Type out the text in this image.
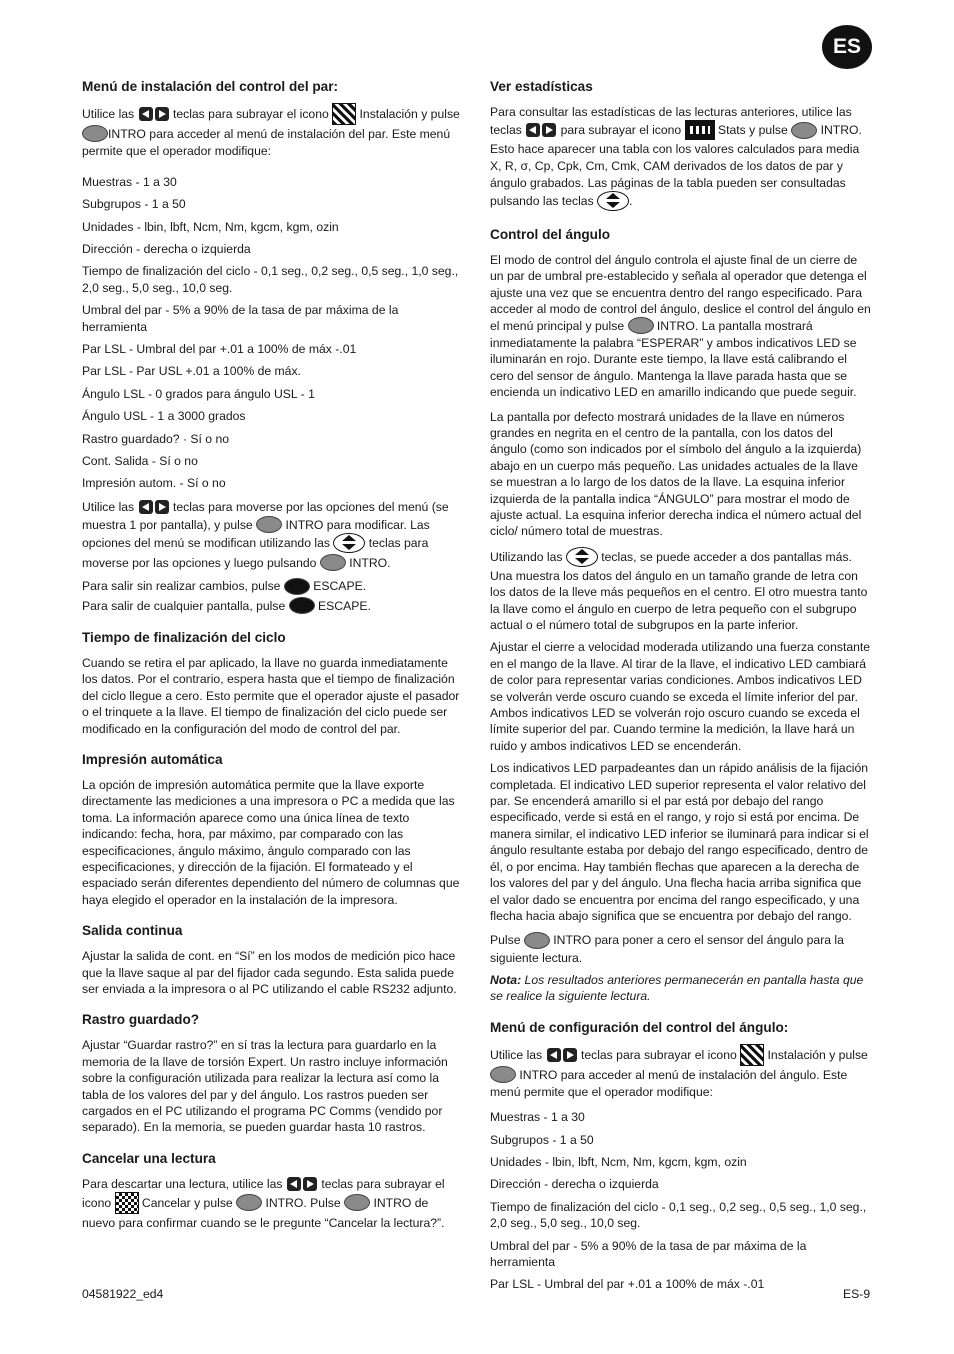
ES
Menú de instalación del control del par:

Utilice las	teclas para subrayar el icono	Instalación y pulse INTRO para acceder al menú de instalación del par. Este menú permite que el operador modifique:

Muestras - 1 a 30

Subgrupos - 1 a 50

Unidades - lbin, lbft, Ncm, Nm, kgcm, kgm, ozin

Dirección - derecha o izquierda

Tiempo de finalización del ciclo - 0,1 seg., 0,2 seg., 0,5 seg., 1,0 seg., 2,0 seg., 5,0 seg., 10,0 seg.

Umbral del par - 5% a 90% de la tasa de par máxima de la herramienta

Par LSL - Umbral del par +.01 a 100% de máx -.01

Par LSL - Par USL +.01 a 100% de máx.

Ángulo LSL - 0 grados para ángulo USL - 1

Ángulo USL - 1 a 3000 grados

Rastro guardado? · Sí o no

Cont. Salida - Sí o no

Impresión autom. - Sí o no

Utilice las	teclas para moverse por las opciones del menú (se muestra 1 por pantalla), y pulse	INTRO para modificar. Las opciones del menú se modifican utilizando las	teclas para moverse por las opciones y luego pulsando	INTRO.

Para salir sin realizar cambios, pulse	ESCAPE.

Para salir de cualquier pantalla, pulse	ESCAPE.

Tiempo de finalización del ciclo

Cuando se retira el par aplicado, la llave no guarda inmediatamente los datos. Por el contrario, espera hasta que el tiempo de finalización del ciclo llegue a cero. Esto permite que el operador ajuste el pasador o el trinquete a la llave. El tiempo de finalización del ciclo puede ser modificado en la configuración del modo de control del par.

Impresión automática

La opción de impresión automática permite que la llave exporte directamente las mediciones a una impresora o PC a medida que las toma. La información aparece como una única línea de texto indicando: fecha, hora, par máximo, par comparado con las especificaciones, ángulo máximo, ángulo comparado con las especificaciones, y dirección de la fijación. El formateado y el espaciado serán diferentes dependiento del número de columnas que haya elegido el operador en la instalación de la impresora.

Salida continua

Ajustar la salida de cont. en “Sí” en los modos de medición pico hace que la llave saque al par del fijador cada segundo. Esta salida puede ser enviada a la impresora o al PC utilizando el cable RS232 adjunto.

Rastro guardado?

Ajustar “Guardar rastro?” en sí tras la lectura para guardarlo en la memoria de la llave de torsión Expert. Un rastro incluye información sobre la configuración utilizada para realizar la lectura así como la tabla de los valores del par y del ángulo. Los rastros pueden ser cargados en el PC utilizando el programa PC Comms (vendido por separado). En la memoria, se pueden guardar hasta 10 rastros.

Cancelar una lectura

Para descartar una lectura, utilice las	teclas para subrayar el icono	Cancelar y pulse	INTRO. Pulse	INTRO de nuevo para confirmar cuando se le pregunte “Cancelar la lectura?”.

Ver estadísticas

Para consultar las estadísticas de las lecturas anteriores, utilice las teclas	para subrayar el icono	Stats y pulse	INTRO. Esto hace aparecer una tabla con los valores calculados para media X, R, σ, Cp, Cpk, Cm, Cmk, CAM derivados de los datos de par y ángulo grabados. Las páginas de la tabla pueden ser consultadas pulsando las teclas	.

Control del ángulo

El modo de control del ángulo controla el ajuste final de un cierre de un par de umbral pre-establecido y señala al operador que detenga el ajuste una vez que se encuentra dentro del rango especificado. Para acceder al modo de control del ángulo, deslice el control del ángulo en el menú principal y pulse	INTRO. La pantalla mostrará inmediatamente la palabra “ESPERAR” y ambos indicativos LED se iluminarán en rojo. Durante este tiempo, la llave está calibrando el cero del sensor de ángulo. Mantenga la llave parada hasta que se encienda un indicativo LED en amarillo indicando que puede seguir.

La pantalla por defecto mostrará unidades de la llave en números grandes en negrita en el centro de la pantalla, con los datos del ángulo (como son indicados por el símbolo del ángulo a la izquierda) abajo en un cuerpo más pequeño. Las unidades actuales de la llave se muestran a lo largo de los datos de la llave. La esquina inferior izquierda de la pantalla indica “ÁNGULO” para mostrar el modo de ajuste actual. La esquina inferior derecha indica el número actual del ciclo/ número total de muestras.

Utilizando las	teclas, se puede acceder a dos pantallas más. Una muestra los datos del ángulo en un tamaño grande de letra con los datos de la lleve más pequeños en el centro. El otro muestra tanto la llave como el ángulo en cuerpo de letra pequeño con el subgrupo actual o el número total de subgrupos en la parte inferior.

Ajustar el cierre a velocidad moderada utilizando una fuerza constante en el mango de la llave. Al tirar de la llave, el indicativo LED cambiará de color para representar varias condiciones. Ambos indicativos LED se volverán verde oscuro cuando se exceda el límite inferior del par. Ambos indicativos LED se volverán rojo oscuro cuando se exceda el límite superior del par. Cuando termine la medición, la llave hará un ruido y ambos indicativos LED se encenderán.

Los indicativos LED parpadeantes dan un rápido análisis de la fijación completada. El indicativo LED superior representa el valor relativo del par. Se encenderá amarillo si el par está por debajo del rango especificado, verde si está en el rango, y rojo si está por encima. De manera similar, el indicativo LED inferior se iluminará para indicar si el ángulo resultante estaba por debajo del rango especificado, dentro de él, o por encima. Hay también flechas que aparecen a la derecha de los valores del par y del ángulo. Una flecha hacia arriba significa que el valor dado se encuentra por encima del rango especificado, y una flecha hacia abajo significa que se encuentra por debajo del rango.

Pulse	INTRO para poner a cero el sensor del ángulo para la siguiente lectura.

Nota: Los resultados anteriores permanecerán en pantalla hasta que se realice la siguiente lectura.

Menú de configuración del control del ángulo:

Utilice las	teclas para subrayar el icono	Instalación y pulse  INTRO para acceder al menú de instalación del ángulo. Este menú permite que el operador modifique:

Muestras - 1 a 30

Subgrupos - 1 a 50

Unidades - lbin, lbft, Ncm, Nm, kgcm, kgm, ozin

Dirección - derecha o izquierda

Tiempo de finalización del ciclo - 0,1 seg., 0,2 seg., 0,5 seg., 1,0 seg., 2,0 seg., 5,0 seg., 10,0 seg.

Umbral del par - 5% a 90% de la tasa de par máxima de la herramienta

Par LSL - Umbral del par +.01 a 100% de máx -.01

04581922_ed4	ES-9
